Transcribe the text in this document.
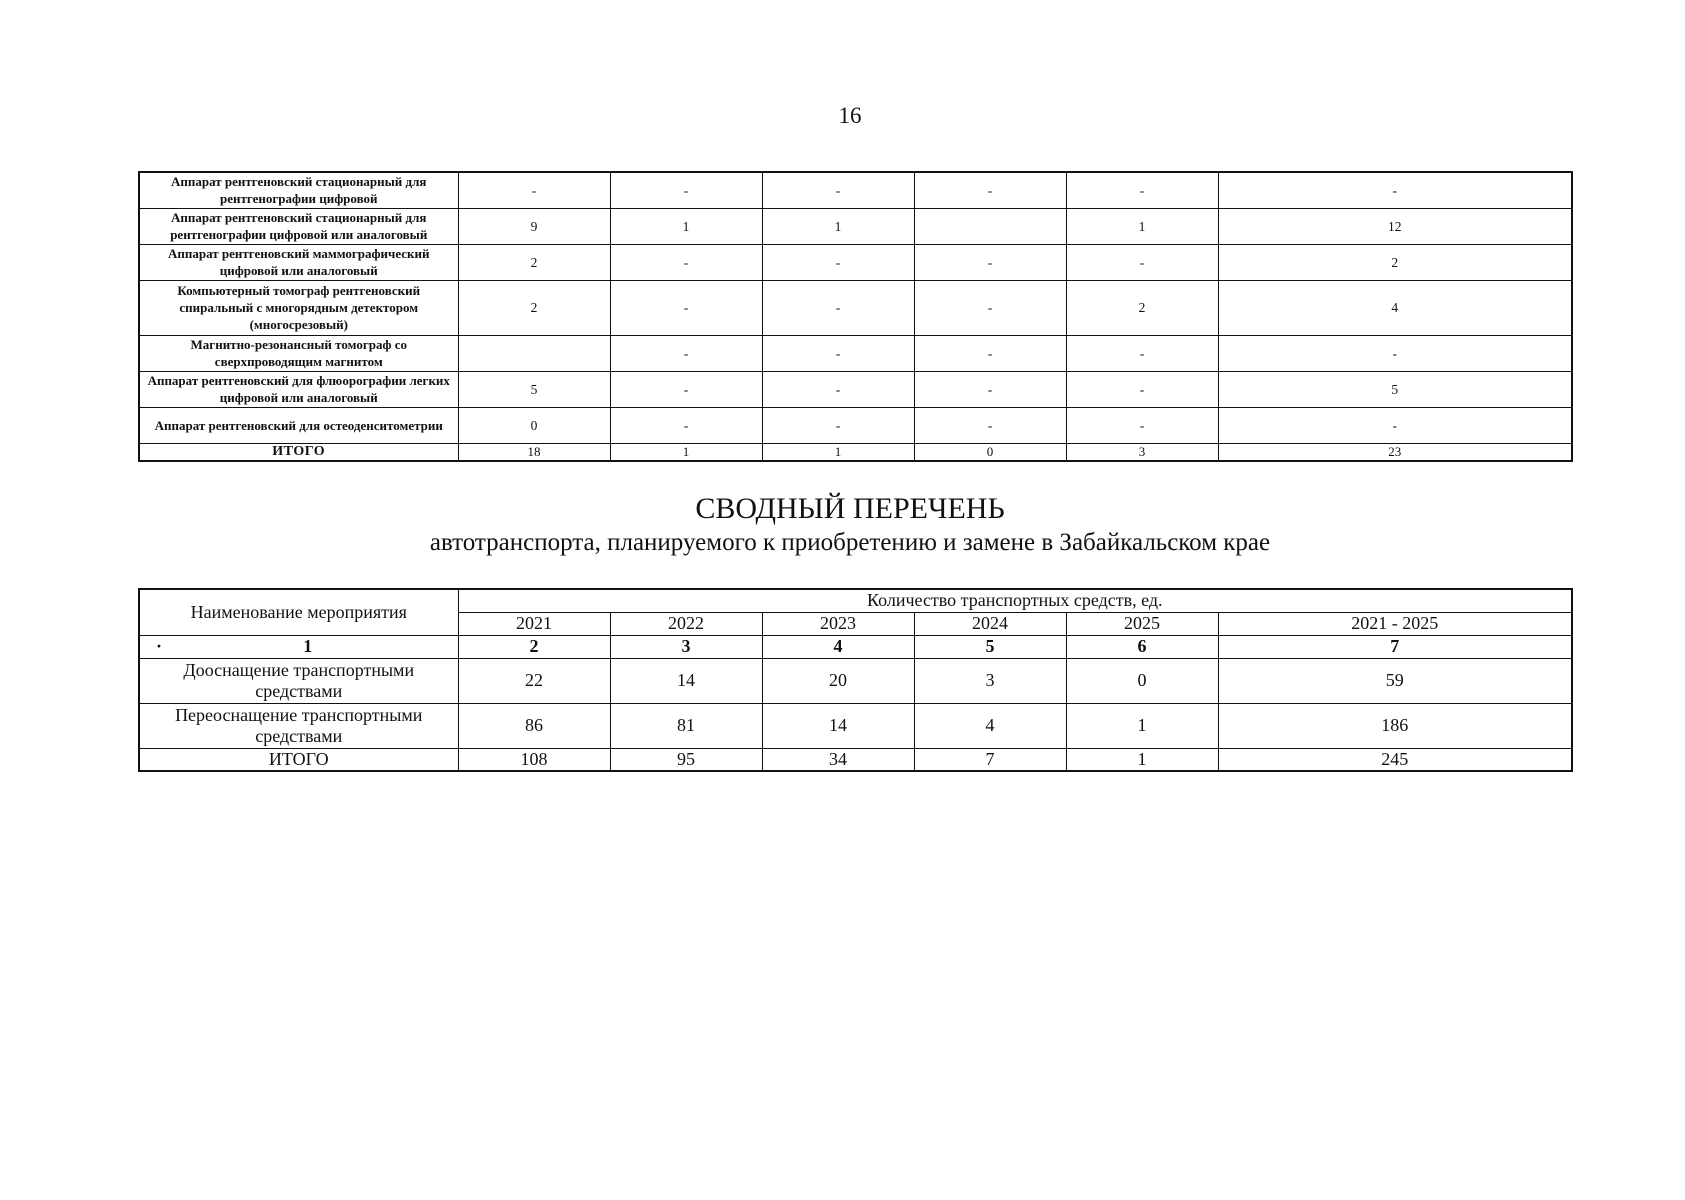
16
Аппарат рентгеновский стационарный для рентгенографии цифровой	-	-	-	-	-	-
Аппарат рентгеновский стационарный для рентгенографии цифровой или аналоговый	9	1	1		1	12
Аппарат рентгеновский маммографический цифровой или аналоговый	2	-	-	-	-	2
Компьютерный томограф рентгеновский спиральный с многорядным детектором (многосрезовый)	2	-	-	-	2	4
Магнитно-резонансный томограф со сверхпроводящим магнитом		-	-	-	-	-
Аппарат рентгеновский для флюорографии легких цифровой или аналоговый	5	-	-	-	-	5
Аппарат рентгеновский для остеоденситометрии	0	-	-	-	-	-
ИТОГО	18	1	1	0	3	23
СВОДНЫЙ ПЕРЕЧЕНЬ
автотранспорта, планируемого к приобретению и замене в Забайкальском крае
Наименование мероприятия	Количество транспортных средств, ед.					
	2021	2022	2023	2024	2025	2021 - 2025

· 1	2	3	4	5	6	7
Дооснащение транспортными средствами	22	14	20	3	0	59
Переоснащение транспортными средствами	86	81	14	4	1	186
ИТОГО	108	95	34	7	1	245
